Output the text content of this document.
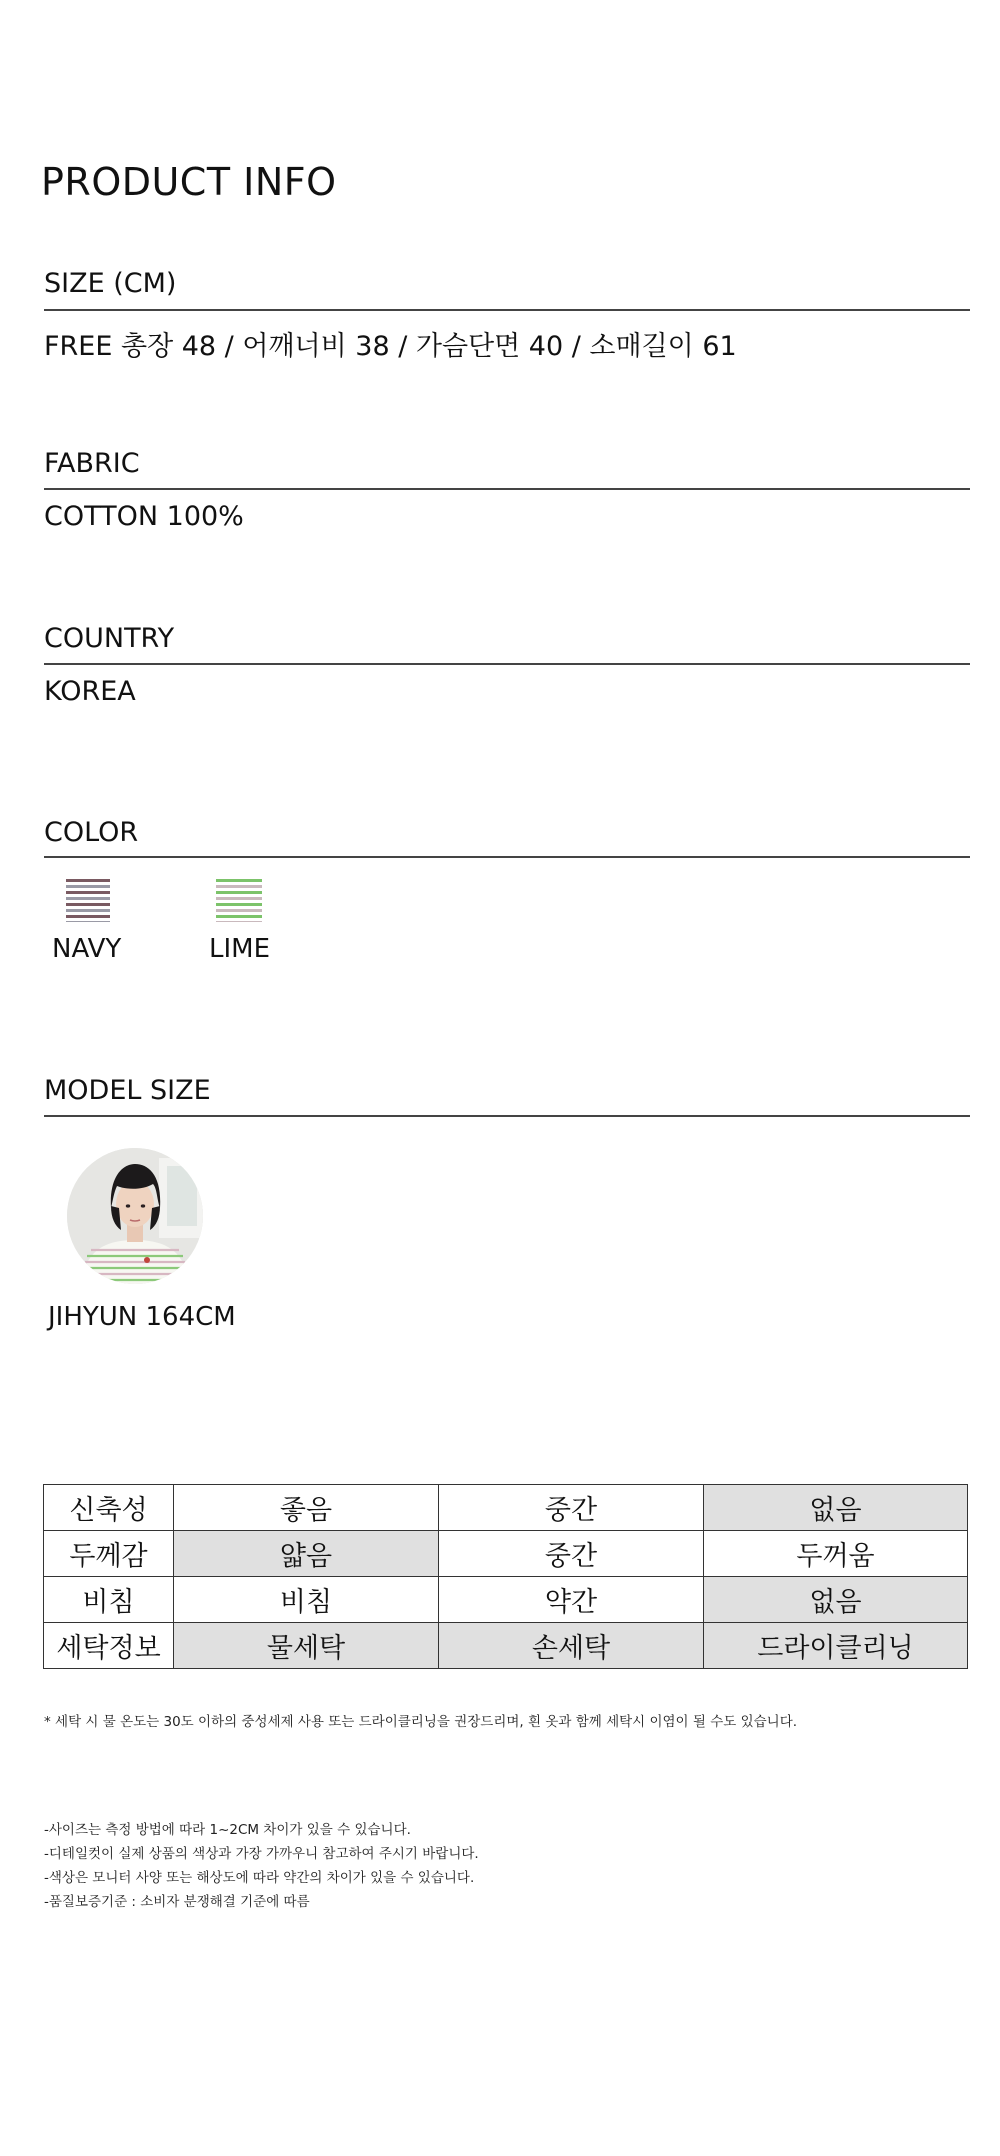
PRODUCT INFO
SIZE (CM)
FREE 총장 48 / 어깨너비 38 / 가슴단면 40 / 소매길이 61
FABRIC
COTTON 100%
COUNTRY
KOREA
COLOR
NAVY	LIME
MODEL SIZE
JIHYUN 164CM
신축성	좋음	중간	없음
두께감	얇음	중간	두꺼움
비침	비침	약간	없음
세탁정보	물세탁	손세탁	드라이클리닝
* 세탁 시 물 온도는 30도 이하의 중성세제 사용 또는 드라이클리닝을 권장드리며, 흰 옷과 함께 세탁시 이염이 될 수도 있습니다.
-사이즈는 측정 방법에 따라 1~2CM 차이가 있을 수 있습니다.
-디테일컷이 실제 상품의 색상과 가장 가까우니 참고하여 주시기 바랍니다.
-색상은 모니터 사양 또는 해상도에 따라 약간의 차이가 있을 수 있습니다.
-품질보증기준 : 소비자 분쟁해결 기준에 따름
